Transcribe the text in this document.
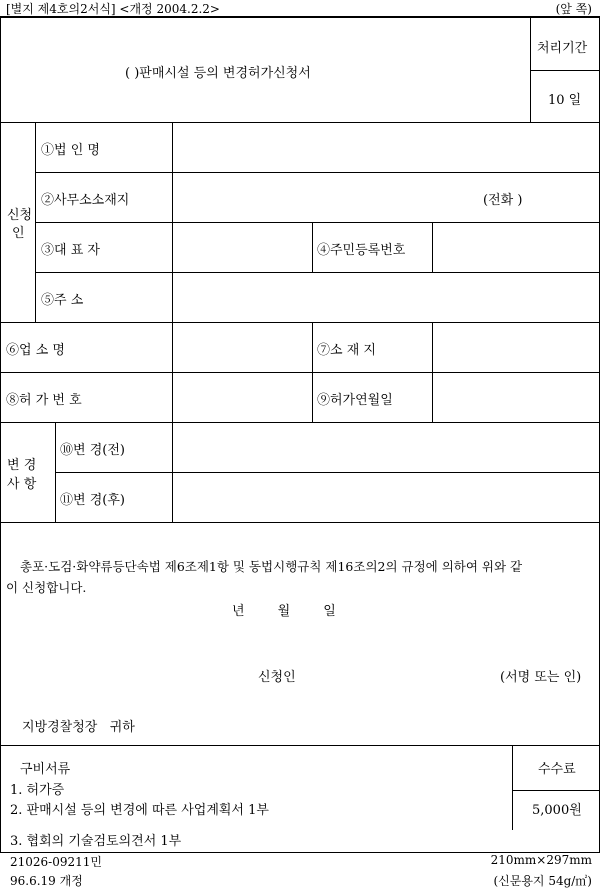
[별지 제4호의2서식] <개정 2004.2.2>	(앞 쪽)
( )판매시설 등의 변경허가신청서
처리기간
10 일
신청
인
①법 인 명
②사무소소재지	(전화 )
③대 표 자	④주민등록번호
⑤주 소
⑥업 소 명	⑦소 재 지
⑧허 가 번 호	⑨허가연월일
변 경
사 항
⑩변 경(전)
⑪변 경(후)
총포·도검·화약류등단속법 제6조제1항 및 동법시행규칙 제16조의2의 규정에 의하여 위와 같
이 신청합니다.
년        월        일
신청인	(서명 또는 인)
지방경찰청장   귀하
구비서류
1. 허가증
2. 판매시설 등의 변경에 따른 사업계획서 1부
3. 협회의 기술검토의견서 1부
수수료
5,000원
21026-09211민
96.6.19 개정
210mm×297mm
(신문용지 54g/㎡)
